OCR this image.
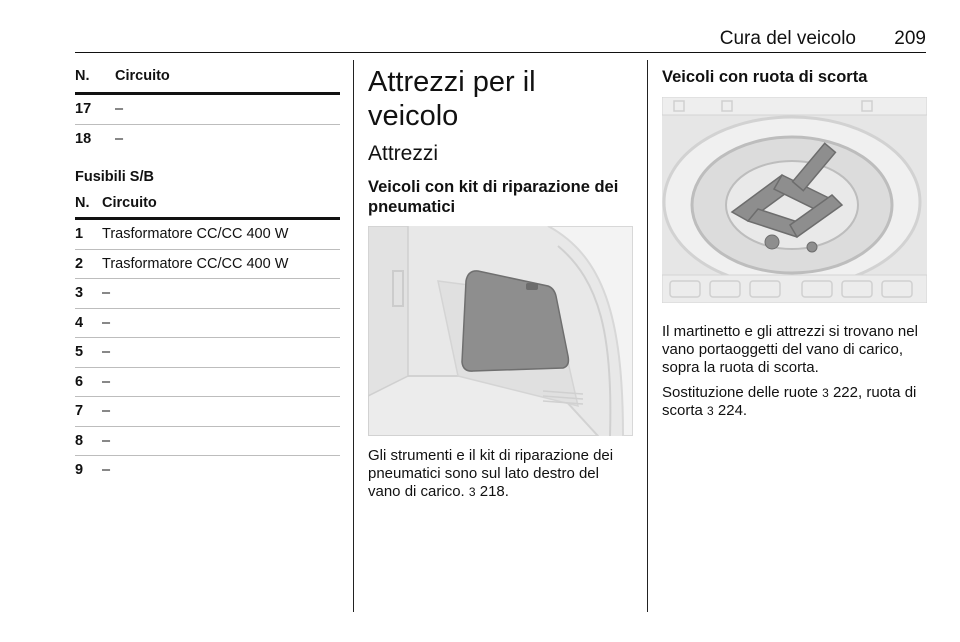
Cura del veicolo 209
N.	Circuito
17	–
18	–
Fusibili S/B
N. Circuito
1	Trasformatore CC/CC 400 W
2	Trasformatore CC/CC 400 W
3	–
4	–
5	–
6	–
7	–
8	–
9	–
Attrezzi per il veicolo
Attrezzi
Veicoli con kit di riparazione dei pneumatici

Gli strumenti e il kit di riparazione dei pneumatici sono sul lato destro del vano di carico. 3 218.

Veicoli con ruota di scorta

Il martinetto e gli attrezzi si trovano nel vano portaoggetti del vano di carico, sopra la ruota di scorta.

Sostituzione delle ruote 3 222, ruota di scorta 3 224.
